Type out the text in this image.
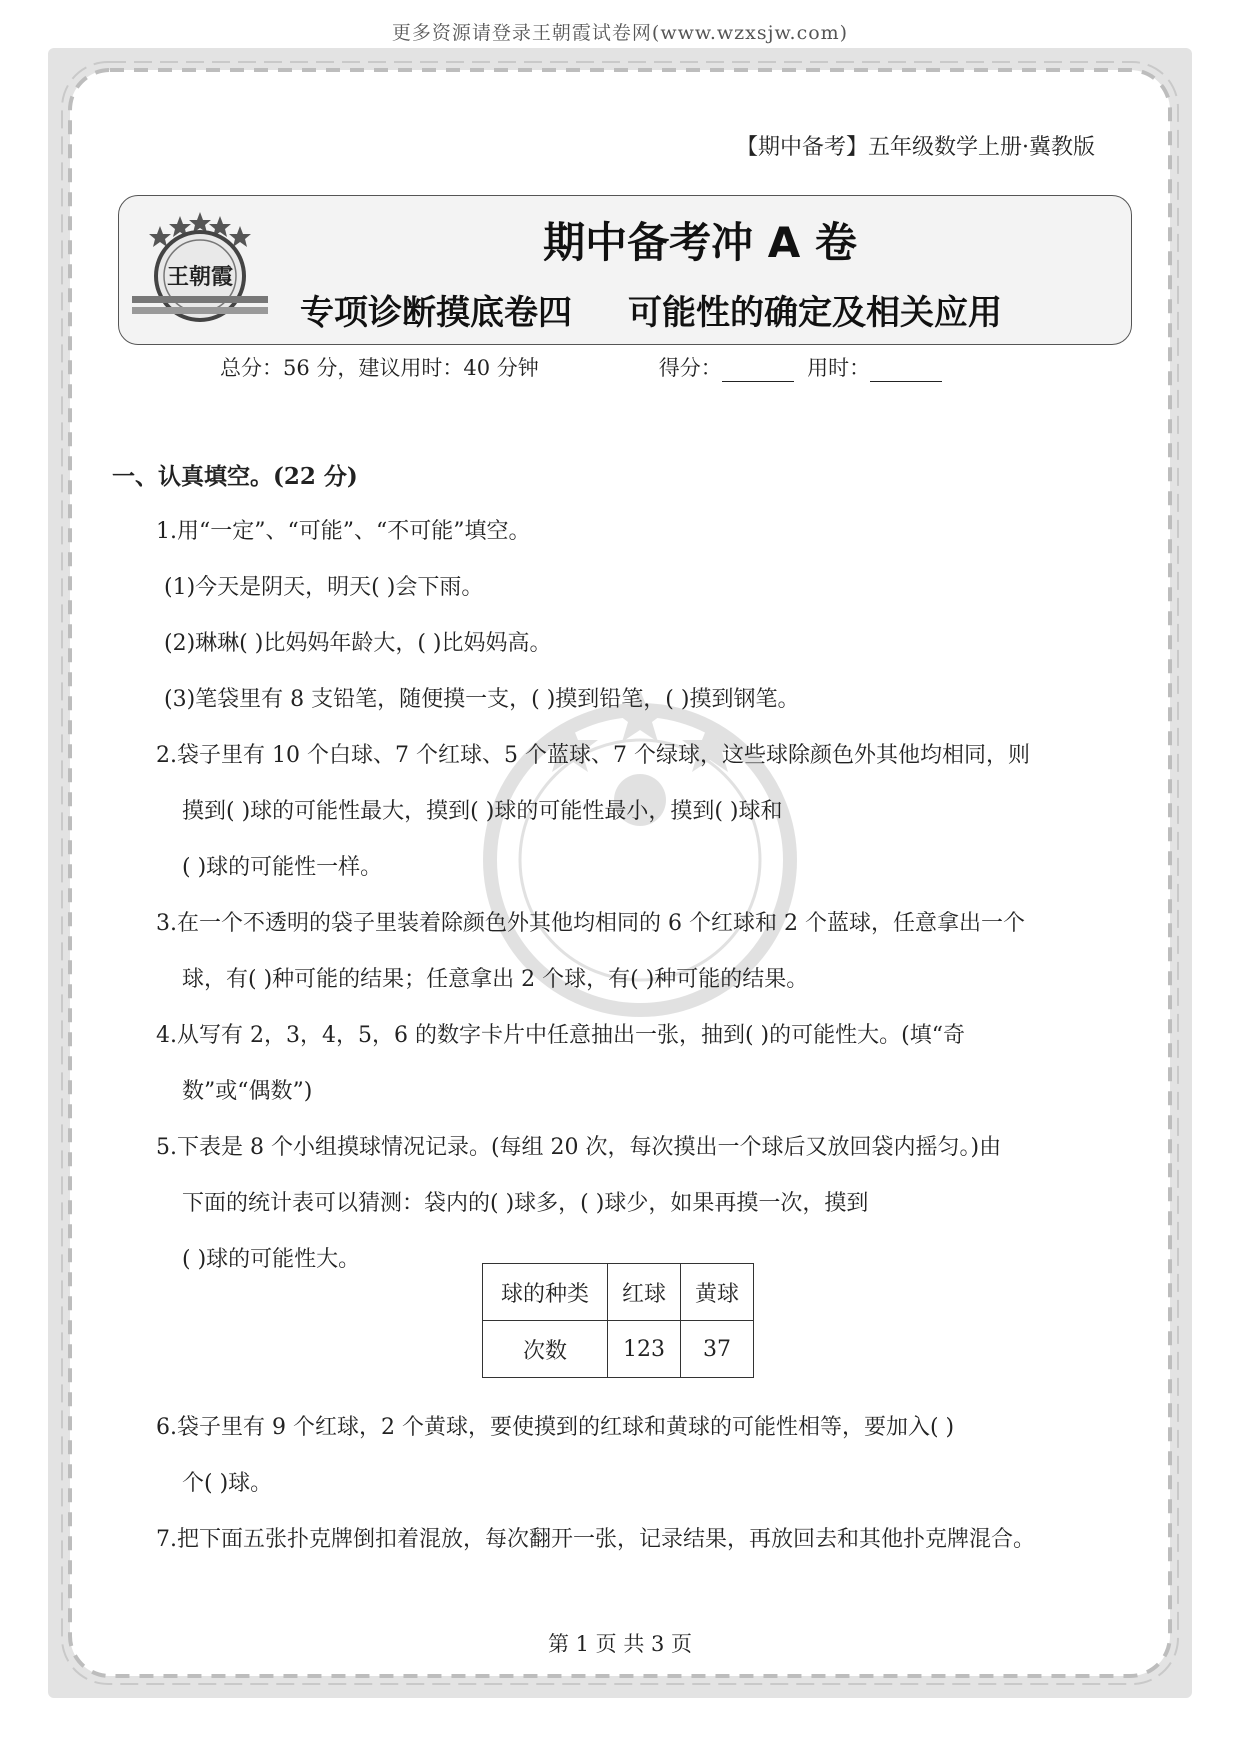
更多资源请登录王朝霞试卷网(www.wzxsjw.com)
【期中备考】五年级数学上册·冀教版
王朝霞
期中备考冲 A 卷
专项诊断摸底卷四 可能性的确定及相关应用
总分：56 分，建议用时：40 分钟	得分：	用时：
一、认真填空。(22 分)
1.用“一定”、“可能”、“不可能”填空。
(1)今天是阴天，明天( )会下雨。
(2)琳琳( )比妈妈年龄大，( )比妈妈高。
(3)笔袋里有 8 支铅笔，随便摸一支，( )摸到铅笔，( )摸到钢笔。
2.袋子里有 10 个白球、7 个红球、5 个蓝球、7 个绿球，这些球除颜色外其他均相同，则
摸到( )球的可能性最大，摸到( )球的可能性最小，摸到( )球和
( )球的可能性一样。
3.在一个不透明的袋子里装着除颜色外其他均相同的 6 个红球和 2 个蓝球，任意拿出一个
球，有( )种可能的结果；任意拿出 2 个球，有( )种可能的结果。
4.从写有 2，3，4，5，6 的数字卡片中任意抽出一张，抽到( )的可能性大。(填“奇
数”或“偶数”)
5.下表是 8 个小组摸球情况记录。(每组 20 次，每次摸出一个球后又放回袋内摇匀。)由
下面的统计表可以猜测：袋内的( )球多，( )球少，如果再摸一次，摸到
( )球的可能性大。
球的种类	红球	黄球
次数	123	37
6.袋子里有 9 个红球，2 个黄球，要使摸到的红球和黄球的可能性相等，要加入( )
个( )球。
7.把下面五张扑克牌倒扣着混放，每次翻开一张，记录结果，再放回去和其他扑克牌混合。
第 1 页 共 3 页
